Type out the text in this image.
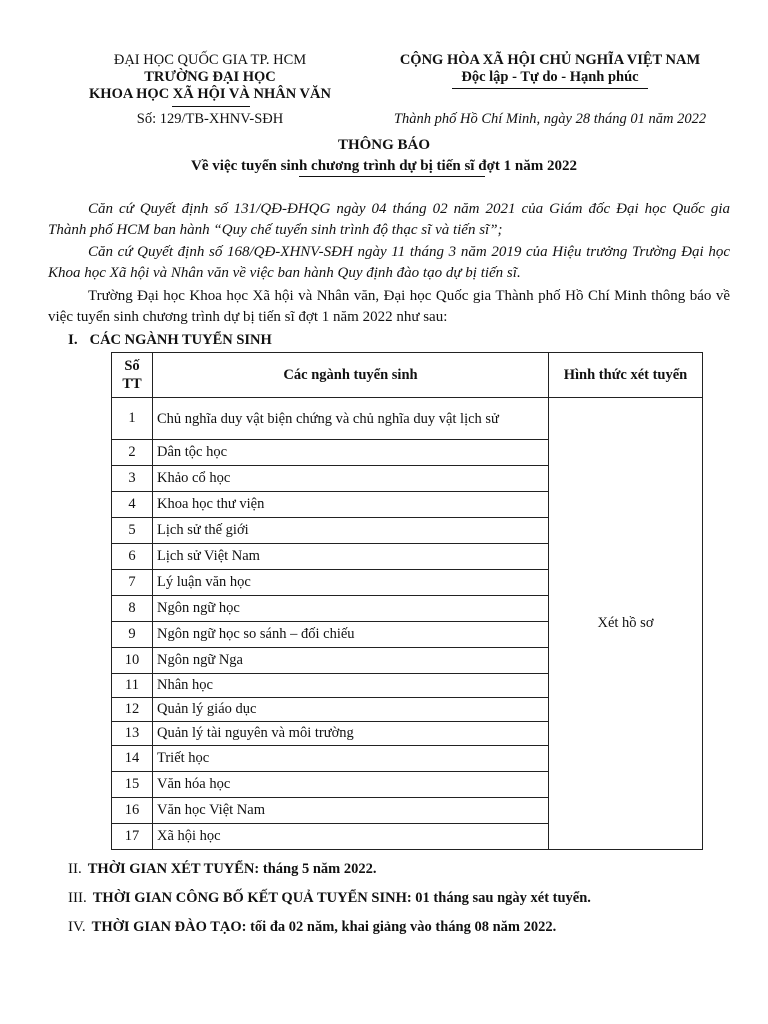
ĐẠI HỌC QUỐC GIA TP. HCM
TRƯỜNG ĐẠI HỌC
KHOA HỌC XÃ HỘI VÀ NHÂN VĂN
Số: 129/TB-XHNV-SĐH
CỘNG HÒA XÃ HỘI CHỦ NGHĨA VIỆT NAM
Độc lập - Tự do - Hạnh phúc
Thành phố Hồ Chí Minh, ngày 28 tháng 01 năm 2022
THÔNG BÁO
Về việc tuyển sinh chương trình dự bị tiến sĩ đợt 1 năm 2022
Căn cứ Quyết định số 131/QĐ-ĐHQG ngày 04 tháng 02 năm 2021 của Giám đốc Đại học Quốc gia Thành phố HCM ban hành “Quy chế tuyển sinh trình độ thạc sĩ và tiến sĩ”;
Căn cứ Quyết định số 168/QĐ-XHNV-SĐH ngày 11 tháng 3 năm 2019 của Hiệu trưởng Trường Đại học Khoa học Xã hội và Nhân văn về việc ban hành Quy định đào tạo dự bị tiến sĩ.
Trường Đại học Khoa học Xã hội và Nhân văn, Đại học Quốc gia Thành phố Hồ Chí Minh thông báo về việc tuyển sinh chương trình dự bị tiến sĩ đợt 1 năm 2022 như sau:
I. CÁC NGÀNH TUYỂN SINH
Số TT	Các ngành tuyển sinh	Hình thức xét tuyển
1	Chủ nghĩa duy vật biện chứng và chủ nghĩa duy vật lịch sử	Xét hồ sơ
2	Dân tộc học	
3	Khảo cổ học	
4	Khoa học thư viện	
5	Lịch sử thế giới	
6	Lịch sử Việt Nam	
7	Lý luận văn học	
8	Ngôn ngữ học	
9	Ngôn ngữ học so sánh – đối chiếu	
10	Ngôn ngữ Nga	
11	Nhân học	
12	Quản lý giáo dục	
13	Quản lý tài nguyên và môi trường	
14	Triết học	
15	Văn hóa học	
16	Văn học Việt Nam	
17	Xã hội học	
II. THỜI GIAN XÉT TUYỂN: tháng 5 năm 2022.
III. THỜI GIAN CÔNG BỐ KẾT QUẢ TUYỂN SINH: 01 tháng sau ngày xét tuyển.
IV. THỜI GIAN ĐÀO TẠO: tối đa 02 năm, khai giảng vào tháng 08 năm 2022.
